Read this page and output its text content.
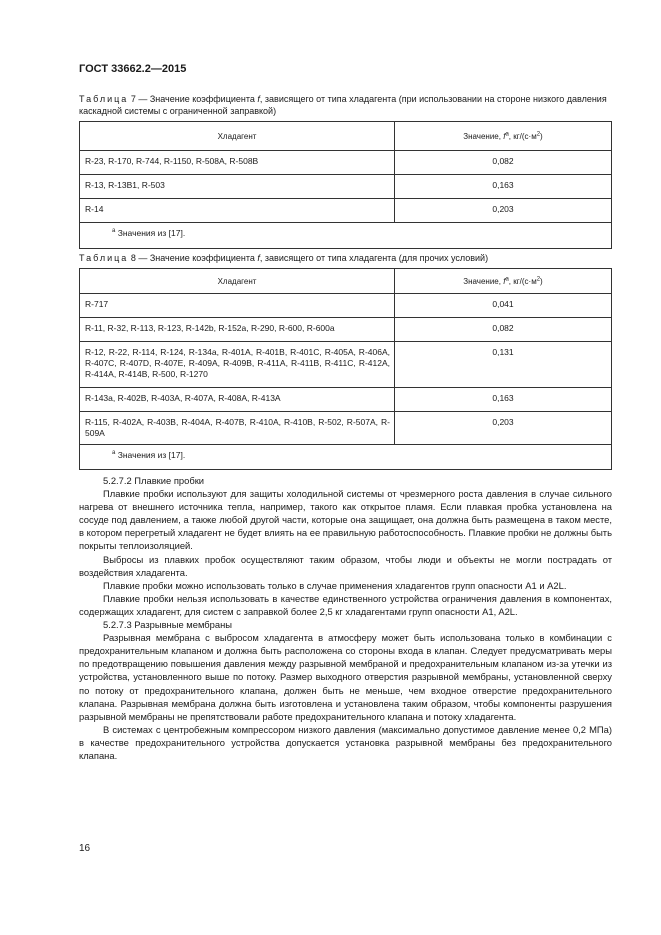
ГОСТ 33662.2—2015
Таблица 7 — Значение коэффициента f, зависящего от типа хладагента (при использовании на стороне низкого давления каскадной системы с ограниченной заправкой)
Хладагент	Значение, $f^а$, $кг/(с\cdot м^2)$
R-23, R-170, R-744, R-1150, R-508A, R-508B	0,082
R-13, R-13B1, R-503	0,163
R-14	0,203
$^а$ Значения из [17].	
Таблица 8 — Значение коэффициента f, зависящего от типа хладагента (для прочих условий)
Хладагент	Значение, $f^а$, $кг/(с\cdot м^2)$
R-717	0,041
R-11, R-32, R-113, R-123, R-142b, R-152a, R-290, R-600, R-600a	0,082
R-12, R-22, R-114, R-124, R-134a, R-401A, R-401B, R-401C, R-405A, R-406A, R-407C, R-407D, R-407E, R-409A, R-409B, R-411A, R-411B, R-411C, R-412A, R-414A, R-414B, R-500, R-1270	0,131
R-143a, R-402B, R-403A, R-407A, R-408A, R-413A	0,163
R-115, R-402A, R-403B, R-404A, R-407B, R-410A, R-410B, R-502, R-507A, R-509A	0,203
$^а$ Значения из [17].	

5.2.7.2 Плавкие пробки

Плавкие пробки используют для защиты холодильной системы от чрезмерного роста давления в случае сильного нагрева от внешнего источника тепла, например, такого как открытое пламя. Если плавкая пробка установлена на сосуде под давлением, а также любой другой части, которые она защищает, она должна быть размещена в таком месте, в котором перегретый хладагент не будет влиять на ее правильную работоспособность. Плавкие пробки не должны быть покрыты теплоизоляцией.

Выбросы из плавких пробок осуществляют таким образом, чтобы люди и объекты не могли пострадать от воздействия хладагента.

Плавкие пробки можно использовать только в случае применения хладагентов групп опасности A1 и A2L.

Плавкие пробки нельзя использовать в качестве единственного устройства ограничения давления в компонентах, содержащих хладагент, для систем с заправкой более 2,5 кг хладагентами групп опасности A1, A2L.

5.2.7.3 Разрывные мембраны

Разрывная мембрана с выбросом хладагента в атмосферу может быть использована только в комбинации с предохранительным клапаном и должна быть расположена со стороны входа в клапан. Следует предусматривать меры по предотвращению повышения давления между разрывной мембраной и предохранительным клапаном из-за утечки из устройства, установленного выше по потоку. Размер выходного отверстия разрывной мембраны, установленной сверху по потоку от предохранительного клапана, должен быть не меньше, чем входное отверстие предохранительного клапана. Разрывная мембрана должна быть изготовлена и установлена таким образом, чтобы компоненты разрушения разрывной мембраны не препятствовали работе предохранительного клапана и потоку хладагента.

В системах с центробежным компрессором низкого давления (максимально допустимое давление менее 0,2 МПа) в качестве предохранительного устройства допускается установка разрывной мембраны без предохранительного клапана.

16
